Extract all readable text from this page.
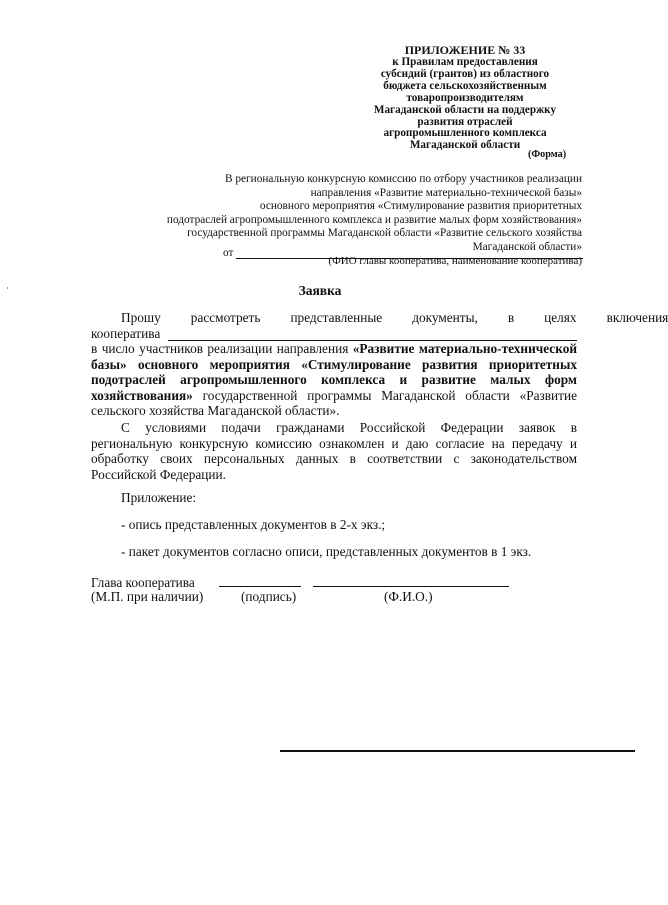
ПРИЛОЖЕНИЕ № 33
к Правилам предоставления
субсидий (грантов) из областного
бюджета сельскохозяйственным
товаропроизводителям
Магаданской области на поддержку
развития отраслей
агропромышленного комплекса
Магаданской области
(Форма)
В региональную конкурсную комиссию по отбору участников реализации
направления «Развитие материально-технической базы»
основного мероприятия «Стимулирование развития приоритетных
подотраслей агропромышленного комплекса и развитие малых форм хозяйствования»
государственной программы Магаданской области «Развитие сельского хозяйства
Магаданской области»
от
(ФИО главы кооператива, наименование кооператива)
Заявка
Прошу	рассмотреть	представленные	документы,	в	целях	включения
кооператива
в число участников реализации направления «Развитие материально-технической базы» основного мероприятия «Стимулирование развития приоритетных подотраслей агропромышленного комплекса и развитие малых форм хозяйствования» государственной программы Магаданской области «Развитие сельского хозяйства Магаданской области».
С условиями подачи гражданами Российской Федерации заявок в региональную конкурсную комиссию ознакомлен и даю согласие на передачу и обработку своих персональных данных в соответствии с законодательством Российской Федерации.
Приложение:
- опись представленных документов в 2-х экз.;
- пакет документов согласно описи, представленных документов в 1 экз.
Глава кооператива
(М.П. при наличии)	(подпись)	(Ф.И.О.)
